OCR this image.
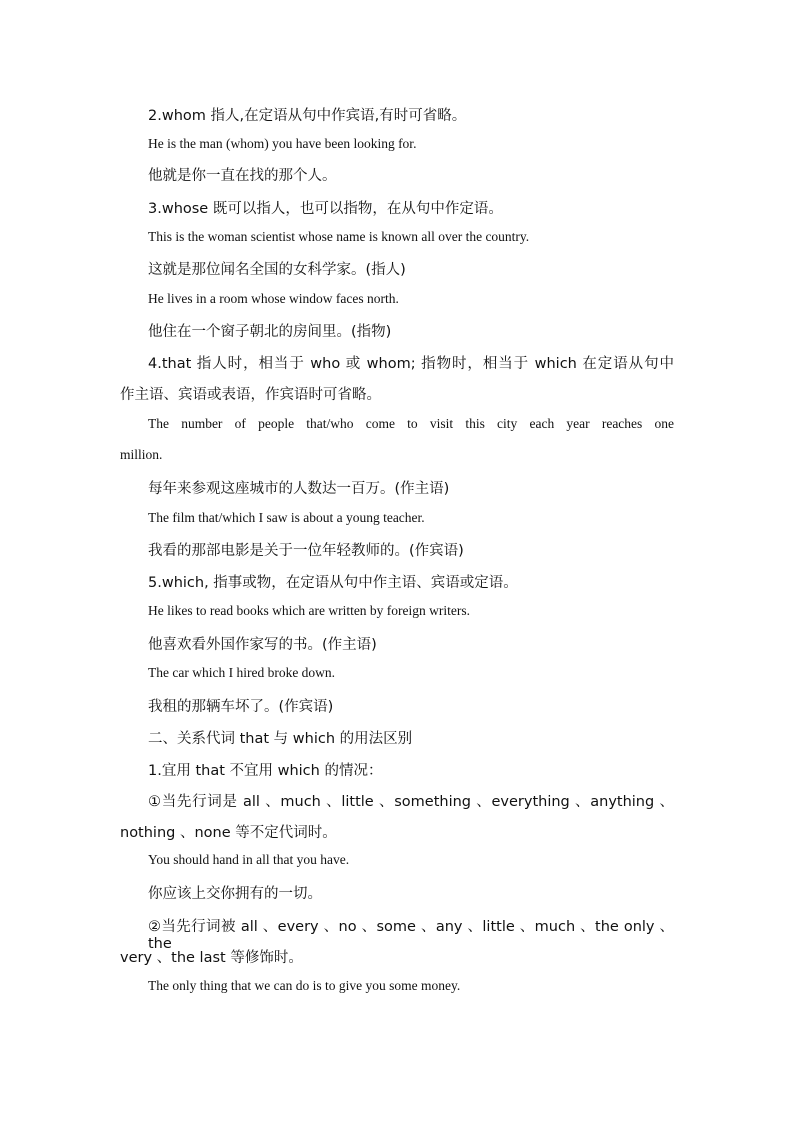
2.whom 指人,在定语从句中作宾语,有时可省略。

He is the man (whom) you have been looking for.

他就是你一直在找的那个人。

3.whose 既可以指人，也可以指物，在从句中作定语。

This is the woman scientist whose name is known all over the country.

这就是那位闻名全国的女科学家。(指人)

He lives in a room whose window faces north.

他住在一个窗子朝北的房间里。(指物)

4.that 指人时，相当于 who 或 whom; 指物时，相当于 which 在定语从句中

作主语、宾语或表语，作宾语时可省略。

The number of people that/who come to visit this city each year reaches one

million.

每年来参观这座城市的人数达一百万。(作主语)

The film that/which I saw is about a young teacher.

我看的那部电影是关于一位年轻教师的。(作宾语)

5.which, 指事或物，在定语从句中作主语、宾语或定语。

He likes to read books which are written by foreign writers.

他喜欢看外国作家写的书。(作主语)

The car which I hired broke down.

我租的那辆车坏了。(作宾语)

二、关系代词 that 与 which 的用法区别

1.宜用 that 不宜用 which 的情况：

①当先行词是 all 、much 、little 、something 、everything 、anything 、

nothing 、none 等不定代词时。

You should hand in all that you have.

你应该上交你拥有的一切。

②当先行词被 all 、every 、no 、some 、any 、little 、much 、the only 、the

very 、the last 等修饰时。

The only thing that we can do is to give you some money.
